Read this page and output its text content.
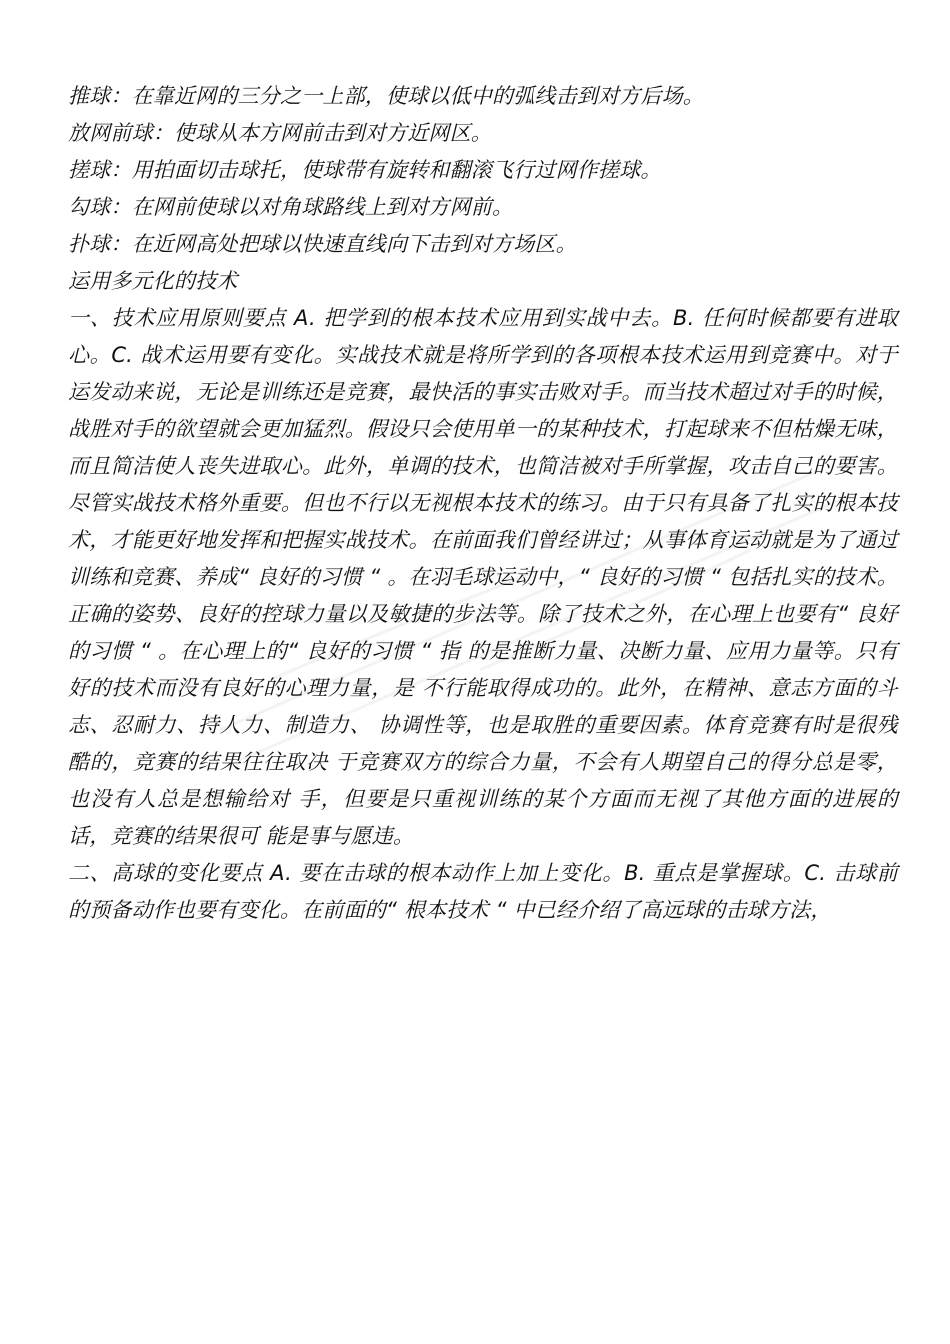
推球：在靠近网的三分之一上部，使球以低中的弧线击到对方后场。
放网前球：使球从本方网前击到对方近网区。
搓球：用拍面切击球托，使球带有旋转和翻滚飞行过网作搓球。
勾球：在网前使球以对角球路线上到对方网前。
扑球：在近网高处把球以快速直线向下击到对方场区。
运用多元化的技术
一、技术应用原则要点 A. 把学到的根本技术应用到实战中去。B. 任何时候都要有进取心。C. 战术运用要有变化。实战技术就是将所学到的各项根本技术运用到竞赛中。对于运发动来说，无论是训练还是竞赛，最快活的事实击败对手。而当技术超过对手的时候，战胜对手的欲望就会更加猛烈。假设只会使用单一的某种技术，打起球来不但枯燥无味，而且简洁使人丧失进取心。此外，单调的技术，也简洁被对手所掌握，攻击自己的要害。尽管实战技术格外重要。但也不行以无视根本技术的练习。由于只有具备了扎实的根本技术，才能更好地发挥和把握实战技术。在前面我们曾经讲过；从事体育运动就是为了通过训练和竞赛、养成“ 良好的习惯 “ 。在羽毛球运动中，“ 良好的习惯 “ 包括扎实的技术。正确的姿势、良好的控球力量以及敏捷的步法等。除了技术之外，在心理上也要有“ 良好的习惯 “ 。在心理上的“ 良好的习惯 “ 指 的是推断力量、决断力量、应用力量等。只有好的技术而没有良好的心理力量，是 不行能取得成功的。此外，在精神、意志方面的斗志、忍耐力、持人力、制造力、 协调性等，也是取胜的重要因素。体育竞赛有时是很残酷的，竞赛的结果往往取决 于竞赛双方的综合力量，不会有人期望自己的得分总是零，也没有人总是想输给对 手，但要是只重视训练的某个方面而无视了其他方面的进展的话，竞赛的结果很可 能是事与愿违。
二、高球的变化要点 A. 要在击球的根本动作上加上变化。B. 重点是掌握球。C. 击球前的预备动作也要有变化。在前面的“ 根本技术 “ 中已经介绍了高远球的击球方法，
